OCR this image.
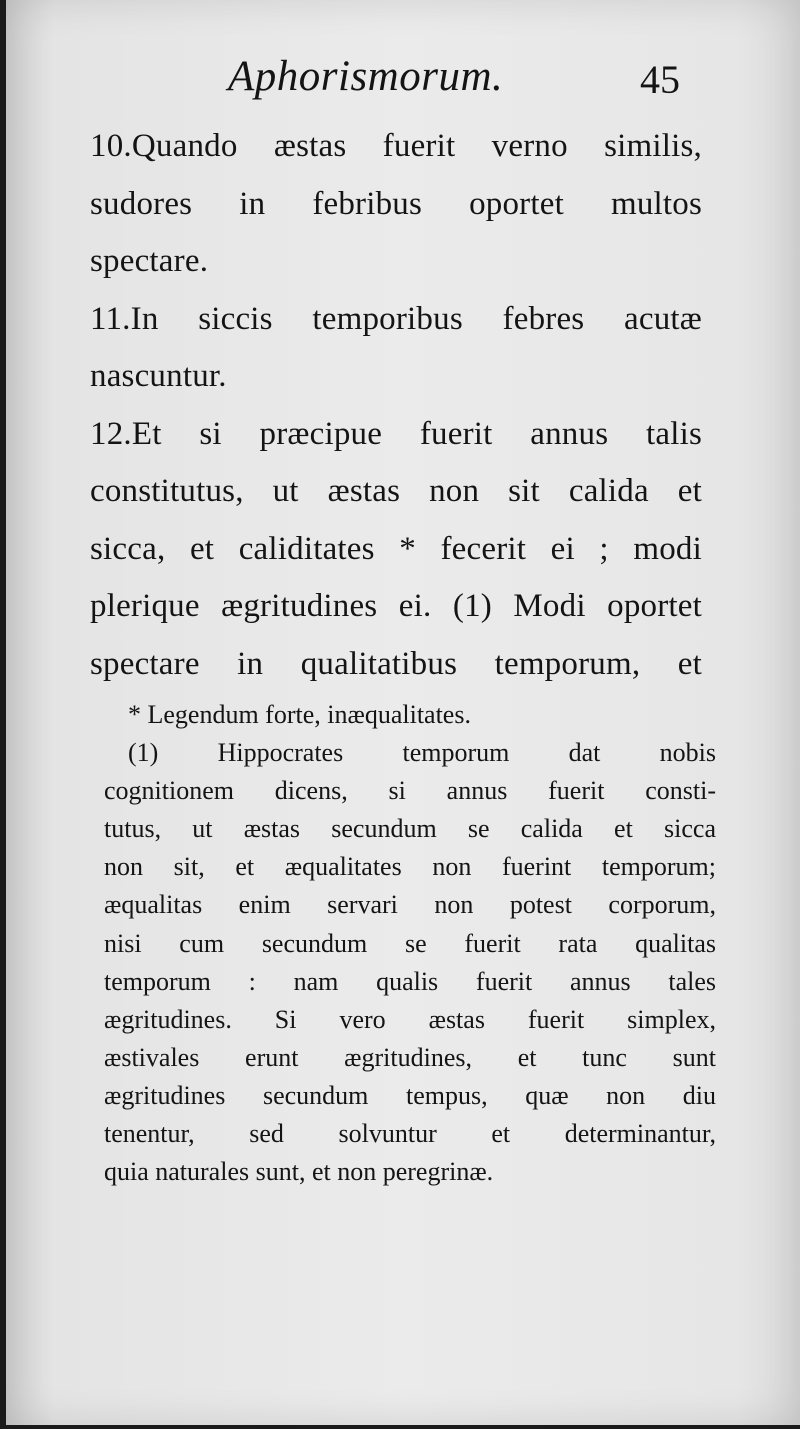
Aphorismorum.	45
10.Quando æstas fuerit verno similis,
sudores in febribus oportet multos
spectare.
11.In siccis temporibus febres acutæ
nascuntur.
12.Et si præcipue fuerit annus talis
constitutus, ut æstas non sit calida et
sicca, et caliditates * fecerit ei ; modi
plerique ægritudines ei. (1) Modi oportet
spectare in qualitatibus temporum, et
* Legendum forte, inæqualitates.
(1) Hippocrates temporum dat nobis
cognitionem dicens, si annus fuerit consti-
tutus, ut æstas secundum se calida et sicca
non sit, et æqualitates non fuerint temporum;
æqualitas enim servari non potest corporum,
nisi cum secundum se fuerit rata qualitas
temporum : nam qualis fuerit annus tales
ægritudines. Si vero æstas fuerit simplex,
æstivales erunt ægritudines, et tunc sunt
ægritudines secundum tempus, quæ non diu
tenentur, sed solvuntur et determinantur,
quia naturales sunt, et non peregrinæ.
